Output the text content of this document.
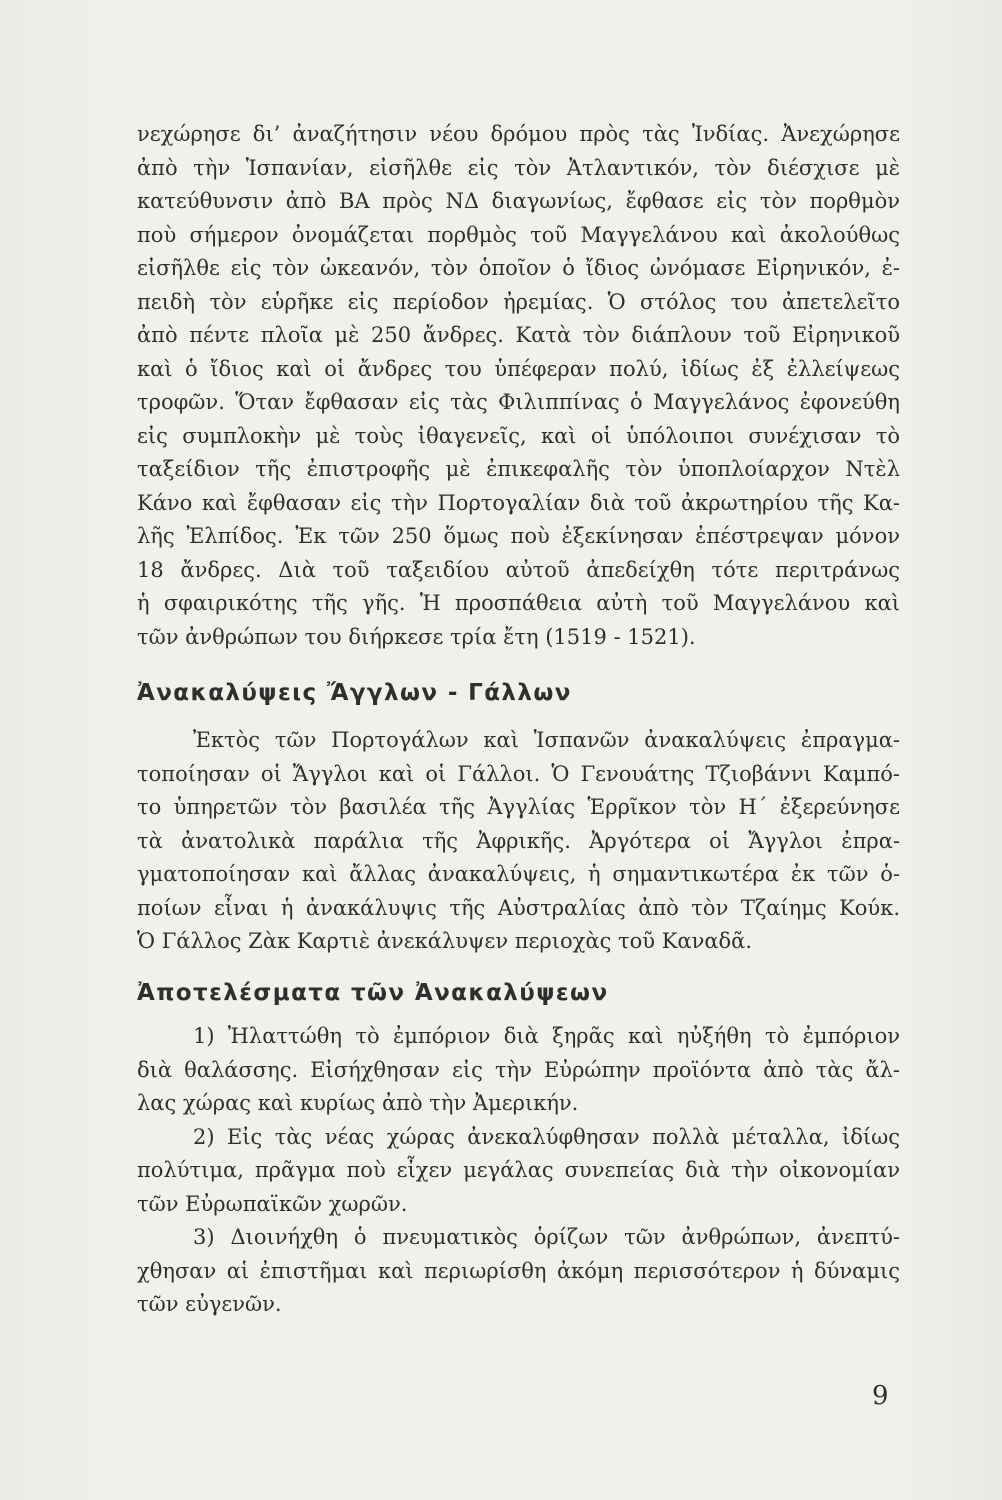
νεχώρησε δι’ ἀναζήτησιν νέου δρόμου πρὸς τὰς Ἰνδίας. Ἀνεχώρησε
ἀπὸ τὴν Ἱσπανίαν, εἰσῆλθε εἰς τὸν Ἀτλαντικόν, τὸν διέσχισε μὲ
κατεύθυνσιν ἀπὸ ΒΑ πρὸς ΝΔ διαγωνίως, ἔφθασε εἰς τὸν πορθμὸν
ποὺ σήμερον ὀνομάζεται πορθμὸς τοῦ Μαγγελάνου καὶ ἀκολούθως
εἰσῆλθε εἰς τὸν ὠκεανόν, τὸν ὁποῖον ὁ ἴδιος ὠνόμασε Εἰρηνικόν, ἐ-
πειδὴ τὸν εὑρῆκε εἰς περίοδον ἠρεμίας. Ὁ στόλος του ἀπετελεῖτο
ἀπὸ πέντε πλοῖα μὲ 250 ἄνδρες. Κατὰ τὸν διάπλουν τοῦ Εἰρηνικοῦ
καὶ ὁ ἴδιος καὶ οἱ ἄνδρες του ὑπέφεραν πολύ, ἰδίως ἐξ ἐλλείψεως
τροφῶν. Ὅταν ἔφθασαν εἰς τὰς Φιλιππίνας ὁ Μαγγελάνος ἐφονεύθη
εἰς συμπλοκὴν μὲ τοὺς ἰθαγενεῖς, καὶ οἱ ὑπόλοιποι συνέχισαν τὸ
ταξείδιον τῆς ἐπιστροφῆς μὲ ἐπικεφαλῆς τὸν ὑποπλοίαρχον Ντὲλ
Κάνο καὶ ἔφθασαν εἰς τὴν Πορτογαλίαν διὰ τοῦ ἀκρωτηρίου τῆς Κα-
λῆς Ἐλπίδος. Ἐκ τῶν 250 ὅμως ποὺ ἐξεκίνησαν ἐπέστρεψαν μόνον
18 ἄνδρες. Διὰ τοῦ ταξειδίου αὐτοῦ ἀπεδείχθη τότε περιτράνως
ἡ σφαιρικότης τῆς γῆς. Ἡ προσπάθεια αὐτὴ τοῦ Μαγγελάνου καὶ
τῶν ἀνθρώπων του διήρκεσε τρία ἔτη (1519 - 1521).
Ἀνακαλύψεις Ἄγγλων - Γάλλων
Ἐκτὸς τῶν Πορτογάλων καὶ Ἱσπανῶν ἀνακαλύψεις ἐπραγμα-
τοποίησαν οἱ Ἄγγλοι καὶ οἱ Γάλλοι. Ὁ Γενουάτης Τζιοβάννι Καμπό-
το ὑπηρετῶν τὸν βασιλέα τῆς Ἀγγλίας Ἑρρῖκον τὸν Η΄ ἐξερεύνησε
τὰ ἀνατολικὰ παράλια τῆς Ἀφρικῆς. Ἀργότερα οἱ Ἄγγλοι ἐπρα-
γματοποίησαν καὶ ἄλλας ἀνακαλύψεις, ἡ σημαντικωτέρα ἐκ τῶν ὁ-
ποίων εἶναι ἡ ἀνακάλυψις τῆς Αὐστραλίας ἀπὸ τὸν Τζαίημς Κούκ.
Ὁ Γάλλος Ζὰκ Καρτιὲ ἀνεκάλυψεν περιοχὰς τοῦ Καναδᾶ.
Ἀποτελέσματα τῶν Ἀνακαλύψεων
1) Ἠλαττώθη τὸ ἐμπόριον διὰ ξηρᾶς καὶ ηὐξήθη τὸ ἐμπόριον
διὰ θαλάσσης. Εἰσήχθησαν εἰς τὴν Εὐρώπην προϊόντα ἀπὸ τὰς ἄλ-
λας χώρας καὶ κυρίως ἀπὸ τὴν Ἀμερικήν.
2) Εἰς τὰς νέας χώρας ἀνεκαλύφθησαν πολλὰ μέταλλα, ἰδίως
πολύτιμα, πρᾶγμα ποὺ εἶχεν μεγάλας συνεπείας διὰ τὴν οἰκονομίαν
τῶν Εὐρωπαϊκῶν χωρῶν.
3) Διοινήχθη ὁ πνευματικὸς ὁρίζων τῶν ἀνθρώπων, ἀνεπτύ-
χθησαν αἱ ἐπιστῆμαι καὶ περιωρίσθη ἀκόμη περισσότερον ἡ δύναμις
τῶν εὐγενῶν.
9
